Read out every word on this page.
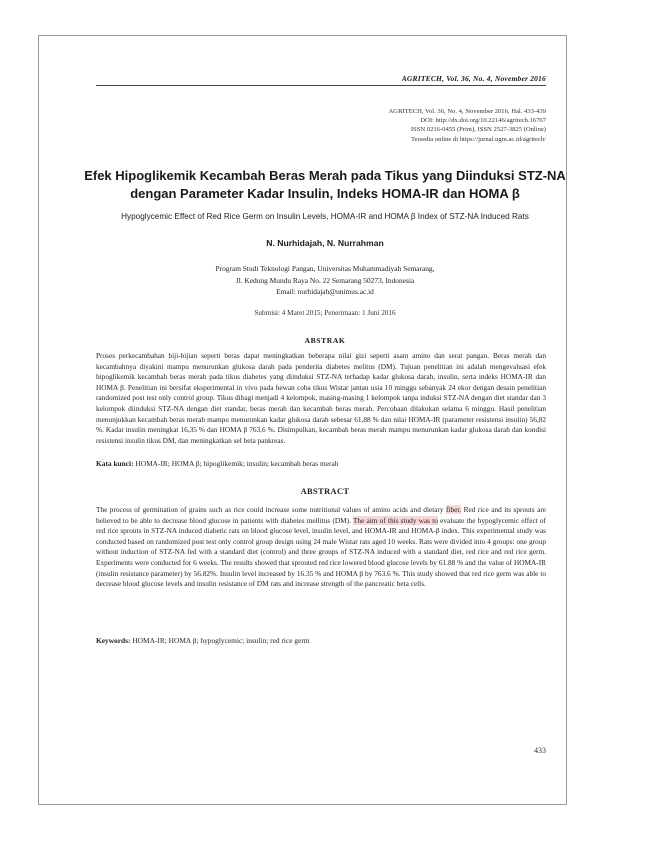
AGRITECH, Vol. 36, No. 4, November 2016
AGRITECH, Vol. 36, No. 4, November 2016, Hal. 433-439
DOI: http://dx.doi.org/10.22146/agritech.16767
ISSN 0216-0455 (Print), ISSN 2527-3825 (Online)
Tersedia online di https://jurnal.ugm.ac.id/agritech/
Efek Hipoglikemik Kecambah Beras Merah pada Tikus yang Diinduksi STZ-NA
dengan Parameter Kadar Insulin, Indeks HOMA-IR dan HOMA β
Hypoglycemic Effect of Red Rice Germ on Insulin Levels, HOMA-IR and HOMA β Index of STZ-NA Induced Rats
N. Nurhidajah, N. Nurrahman
Program Studi Teknologi Pangan, Universitas Muhammadiyah Semarang,
Jl. Kedung Mundu Raya No. 22 Semarang 50273, Indonesia
Email: nurhidajah@unimus.ac.id
Submisi: 4 Maret 2015; Penerimaan: 1 Juni 2016
ABSTRAK
Proses perkecambahan biji-bijian seperti beras dapat meningkatkan beberapa nilai gizi seperti asam amino dan serat pangan. Beras merah dan kecambahnya diyakini mampu menurunkan glukosa darah pada penderita diabetes melitus (DM). Tujuan penelitian ini adalah mengevaluasi efek hipoglikemik kecambah beras merah pada tikus diabetes yang diinduksi STZ-NA terhadap kadar glukosa darah, insulin, serta indeks HOMA-IR dan HOMA β. Penelitian ini bersifat eksperimental in vivo pada hewan coba tikus Wistar jantan usia 10 minggu sebanyak 24 ekor dengan desain penelitian randomized post test only control group. Tikus dibagi menjadi 4 kelompok, masing-masing 1 kelompok tanpa induksi STZ-NA dengan diet standar dan 3 kelompok diinduksi STZ-NA dengan diet standar, beras merah dan kecambah beras merah. Percobaan dilakukan selama 6 minggu. Hasil penelitian menunjukkan kecambah beras merah mampu menurunkan kadar glukosa darah sebesar 61,88 % dan nilai HOMA-IR (parameter resistensi insulin) 56,82 %. Kadar insulin meningkat 16,35 % dan HOMA β 763,6 %. Disimpulkan, kecambah beras merah mampu menurunkan kadar glukosa darah dan kondisi resistensi insulin tikus DM, dan meningkatkan sel beta pankreas.
Kata kunci: HOMA-IR; HOMA β; hipoglikemik; insulin; kecambah beras merah
ABSTRACT
The process of germination of grains such as rice could increase some nutritional values of amino acids and dietary fiber. Red rice and its sprouts are believed to be able to decrease blood glucose in patients with diabetes mellitus (DM). The aim of this study was to evaluate the hypoglycemic effect of red rice sprouts in STZ-NA induced diabetic rats on blood glucose level, insulin level, and HOMA-IR and HOMA-β index. This experimental study was conducted based on randomized post test only control group design using 24 male Wistar rats aged 10 weeks. Rats were divided into 4 groups: one group without induction of STZ-NA fed with a standard diet (control) and three groups of STZ-NA induced with a standard diet, red rice and red rice germ. Experiments were conducted for 6 weeks. The results showed that sprouted red rice lowered blood glucose levels by 61.88 % and the value of HOMA-IR (insulin resistance parameter) by 56.82%. Insulin level increased by 16.35 % and HOMA β by 763.6 %. This study showed that red rice germ was able to decrease blood glucose levels and insulin resistance of DM rats and increase strength of the pancreatic beta cells.
Keywords: HOMA-IR; HOMA β; hypoglycemic; insulin; red rice germ
433
